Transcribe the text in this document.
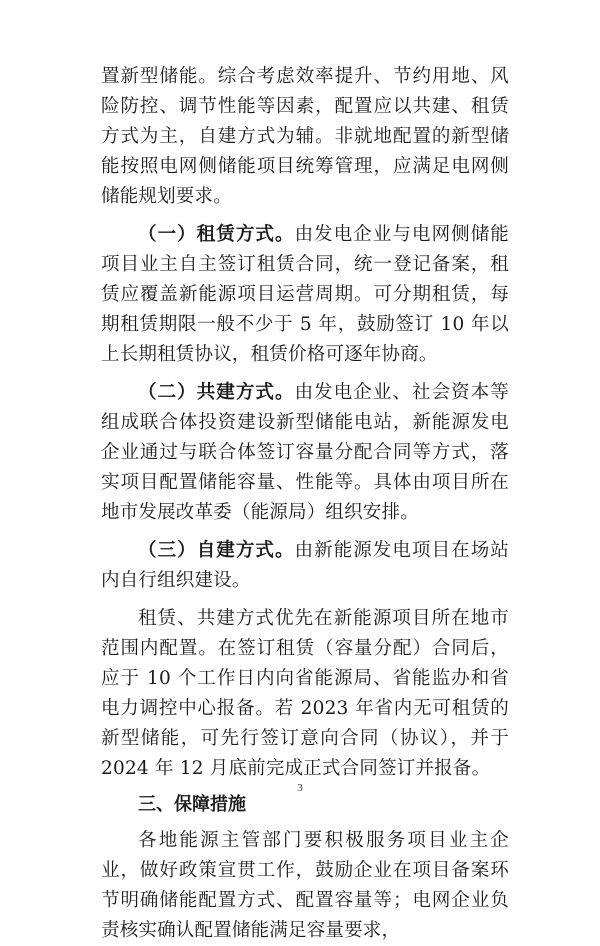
置新型储能。综合考虑效率提升、节约用地、风险防控、调节性能等因素，配置应以共建、租赁方式为主，自建方式为辅。非就地配置的新型储能按照电网侧储能项目统筹管理，应满足电网侧储能规划要求。

（一）租赁方式。由发电企业与电网侧储能项目业主自主签订租赁合同，统一登记备案，租赁应覆盖新能源项目运营周期。可分期租赁，每期租赁期限一般不少于 5 年，鼓励签订 10 年以上长期租赁协议，租赁价格可逐年协商。

（二）共建方式。由发电企业、社会资本等组成联合体投资建设新型储能电站，新能源发电企业通过与联合体签订容量分配合同等方式，落实项目配置储能容量、性能等。具体由项目所在地市发展改革委（能源局）组织安排。

（三）自建方式。由新能源发电项目在场站内自行组织建设。

租赁、共建方式优先在新能源项目所在地市范围内配置。在签订租赁（容量分配）合同后，应于 10 个工作日内向省能源局、省能监办和省电力调控中心报备。若 2023 年省内无可租赁的新型储能，可先行签订意向合同（协议），并于 2024 年 12 月底前完成正式合同签订并报备。

三、保障措施

各地能源主管部门要积极服务项目业主企业，做好政策宣贯工作，鼓励企业在项目备案环节明确储能配置方式、配置容量等；电网企业负责核实确认配置储能满足容量要求，

3
